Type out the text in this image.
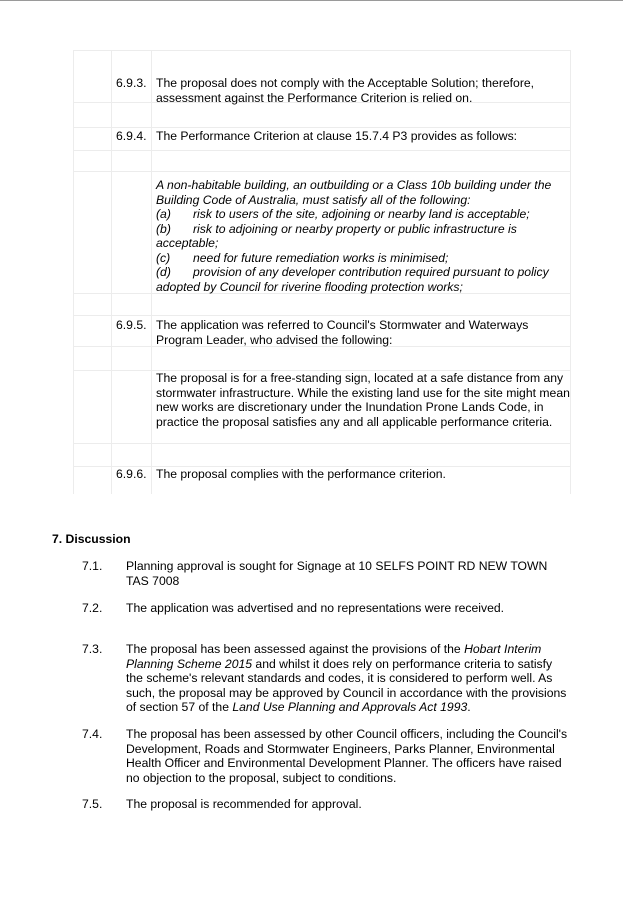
6.9.3. The proposal does not comply with the Acceptable Solution; therefore, assessment against the Performance Criterion is relied on.
6.9.4. The Performance Criterion at clause 15.7.4 P3 provides as follows:
A non-habitable building, an outbuilding or a Class 10b building under the Building Code of Australia, must satisfy all of the following:
(a) risk to users of the site, adjoining or nearby land is acceptable;
(b) risk to adjoining or nearby property or public infrastructure is acceptable;
(c) need for future remediation works is minimised;
(d) provision of any developer contribution required pursuant to policy adopted by Council for riverine flooding protection works;
6.9.5. The application was referred to Council's Stormwater and Waterways Program Leader, who advised the following:
The proposal is for a free-standing sign, located at a safe distance from any stormwater infrastructure. While the existing land use for the site might mean new works are discretionary under the Inundation Prone Lands Code, in practice the proposal satisfies any and all applicable performance criteria.
6.9.6. The proposal complies with the performance criterion.
7. Discussion
7.1. Planning approval is sought for Signage at 10 SELFS POINT RD NEW TOWN TAS 7008
7.2. The application was advertised and no representations were received.
7.3. The proposal has been assessed against the provisions of the Hobart Interim Planning Scheme 2015 and whilst it does rely on performance criteria to satisfy the scheme's relevant standards and codes, it is considered to perform well. As such, the proposal may be approved by Council in accordance with the provisions of section 57 of the Land Use Planning and Approvals Act 1993.
7.4. The proposal has been assessed by other Council officers, including the Council's Development, Roads and Stormwater Engineers, Parks Planner, Environmental Health Officer and Environmental Development Planner. The officers have raised no objection to the proposal, subject to conditions.
7.5. The proposal is recommended for approval.
